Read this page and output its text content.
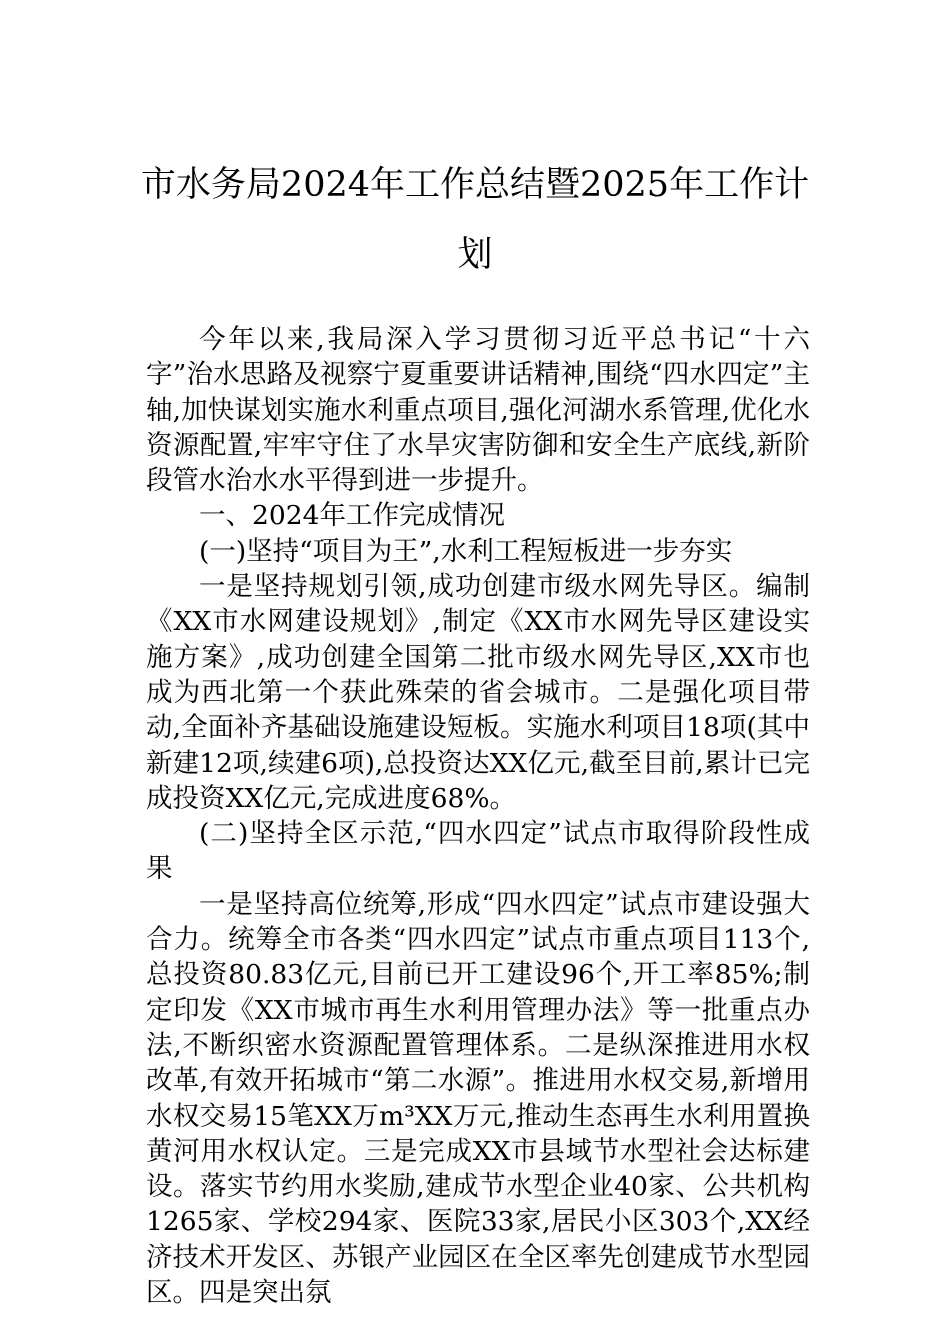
市水务局2024年工作总结暨2025年工作计划

今年以来,我局深入学习贯彻习近平总书记“十六字”治水思路及视察宁夏重要讲话精神,围绕“四水四定”主轴,加快谋划实施水利重点项目,强化河湖水系管理,优化水资源配置,牢牢守住了水旱灾害防御和安全生产底线,新阶段管水治水水平得到进一步提升。

一、2024年工作完成情况

(一)坚持“项目为王”,水利工程短板进一步夯实

一是坚持规划引领,成功创建市级水网先导区。编制《XX市水网建设规划》,制定《XX市水网先导区建设实施方案》,成功创建全国第二批市级水网先导区,XX市也成为西北第一个获此殊荣的省会城市。二是强化项目带动,全面补齐基础设施建设短板。实施水利项目18项(其中新建12项,续建6项),总投资达XX亿元,截至目前,累计已完成投资XX亿元,完成进度68%。

(二)坚持全区示范,“四水四定”试点市取得阶段性成果

一是坚持高位统筹,形成“四水四定”试点市建设强大合力。统筹全市各类“四水四定”试点市重点项目113个,总投资80.83亿元,目前已开工建设96个,开工率85%;制定印发《XX市城市再生水利用管理办法》等一批重点办法,不断织密水资源配置管理体系。二是纵深推进用水权改革,有效开拓城市“第二水源”。推进用水权交易,新增用水权交易15笔XX万m³XX万元,推动生态再生水利用置换黄河用水权认定。三是完成XX市县域节水型社会达标建设。落实节约用水奖励,建成节水型企业40家、公共机构1265家、学校294家、医院33家,居民小区303个,XX经济技术开发区、苏银产业园区在全区率先创建成节水型园区。四是突出氛
